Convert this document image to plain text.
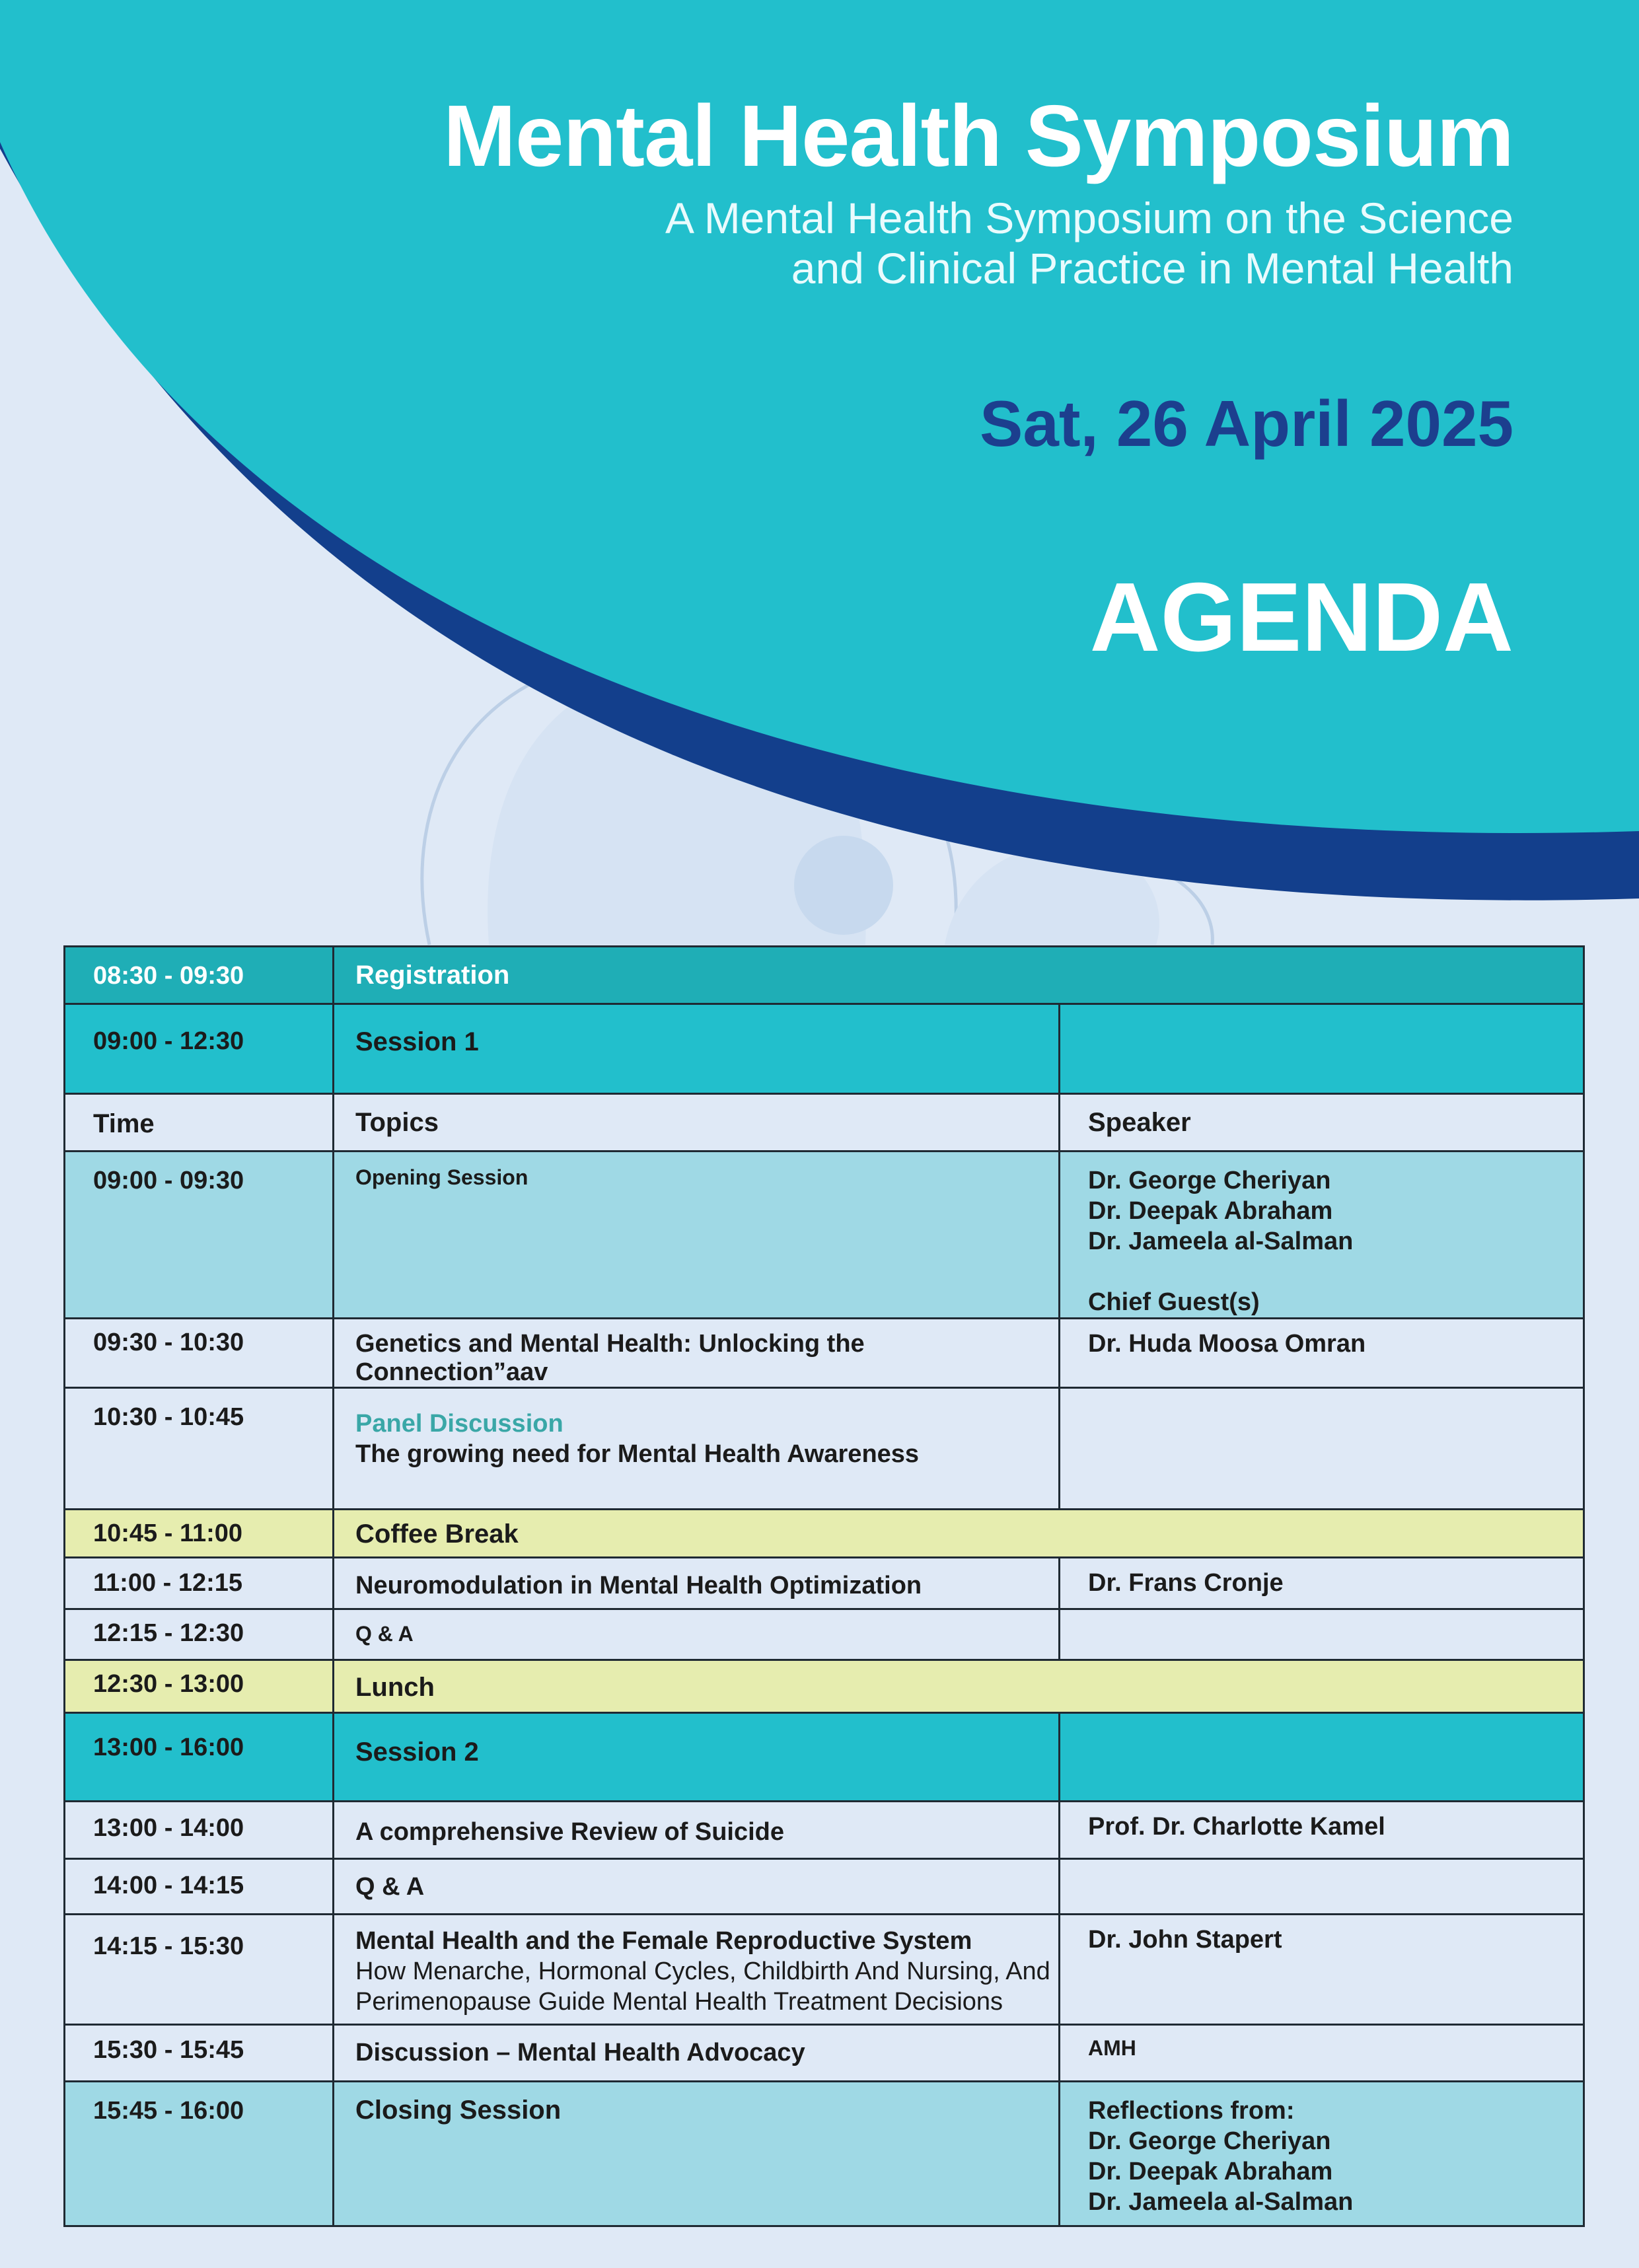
Mental Health Symposium
A Mental Health Symposium on the Science
and Clinical Practice in Mental Health
Sat, 26 April 2025
AGENDA
08:30 - 09:30	Registration	
09:00 - 12:30	Session 1	
Time	Topics	Speaker
09:00 - 09:30	Opening Session	Dr. George Cheriyan
Dr. Deepak Abraham
Dr. Jameela al-Salman
Chief Guest(s)

09:30 - 10:30	Genetics and Mental Health: Unlocking the Connection”aav	Dr. Huda Moosa Omran
10:30 - 10:45	Panel Discussion
The growing need for Mental Health Awareness	

10:45 - 11:00	Coffee Break	
11:00 - 12:15	Neuromodulation in Mental Health Optimization	Dr. Frans Cronje
12:15 - 12:30	Q & A	
12:30 - 13:00	Lunch	
13:00 - 16:00	Session 2	
13:00 - 14:00	A comprehensive Review of Suicide	Prof. Dr. Charlotte Kamel
14:00 - 14:15	Q & A	
14:15 - 15:30	Mental Health and the Female Reproductive System
How Menarche, Hormonal Cycles, Childbirth And Nursing, And
Perimenopause Guide Mental Health Treatment Decisions	Dr. John Stapert
15:30 - 15:45	Discussion – Mental Health Advocacy	AMH
15:45 - 16:00	Closing Session	Reflections from:
Dr. George Cheriyan
Dr. Deepak Abraham
Dr. Jameela al-Salman
